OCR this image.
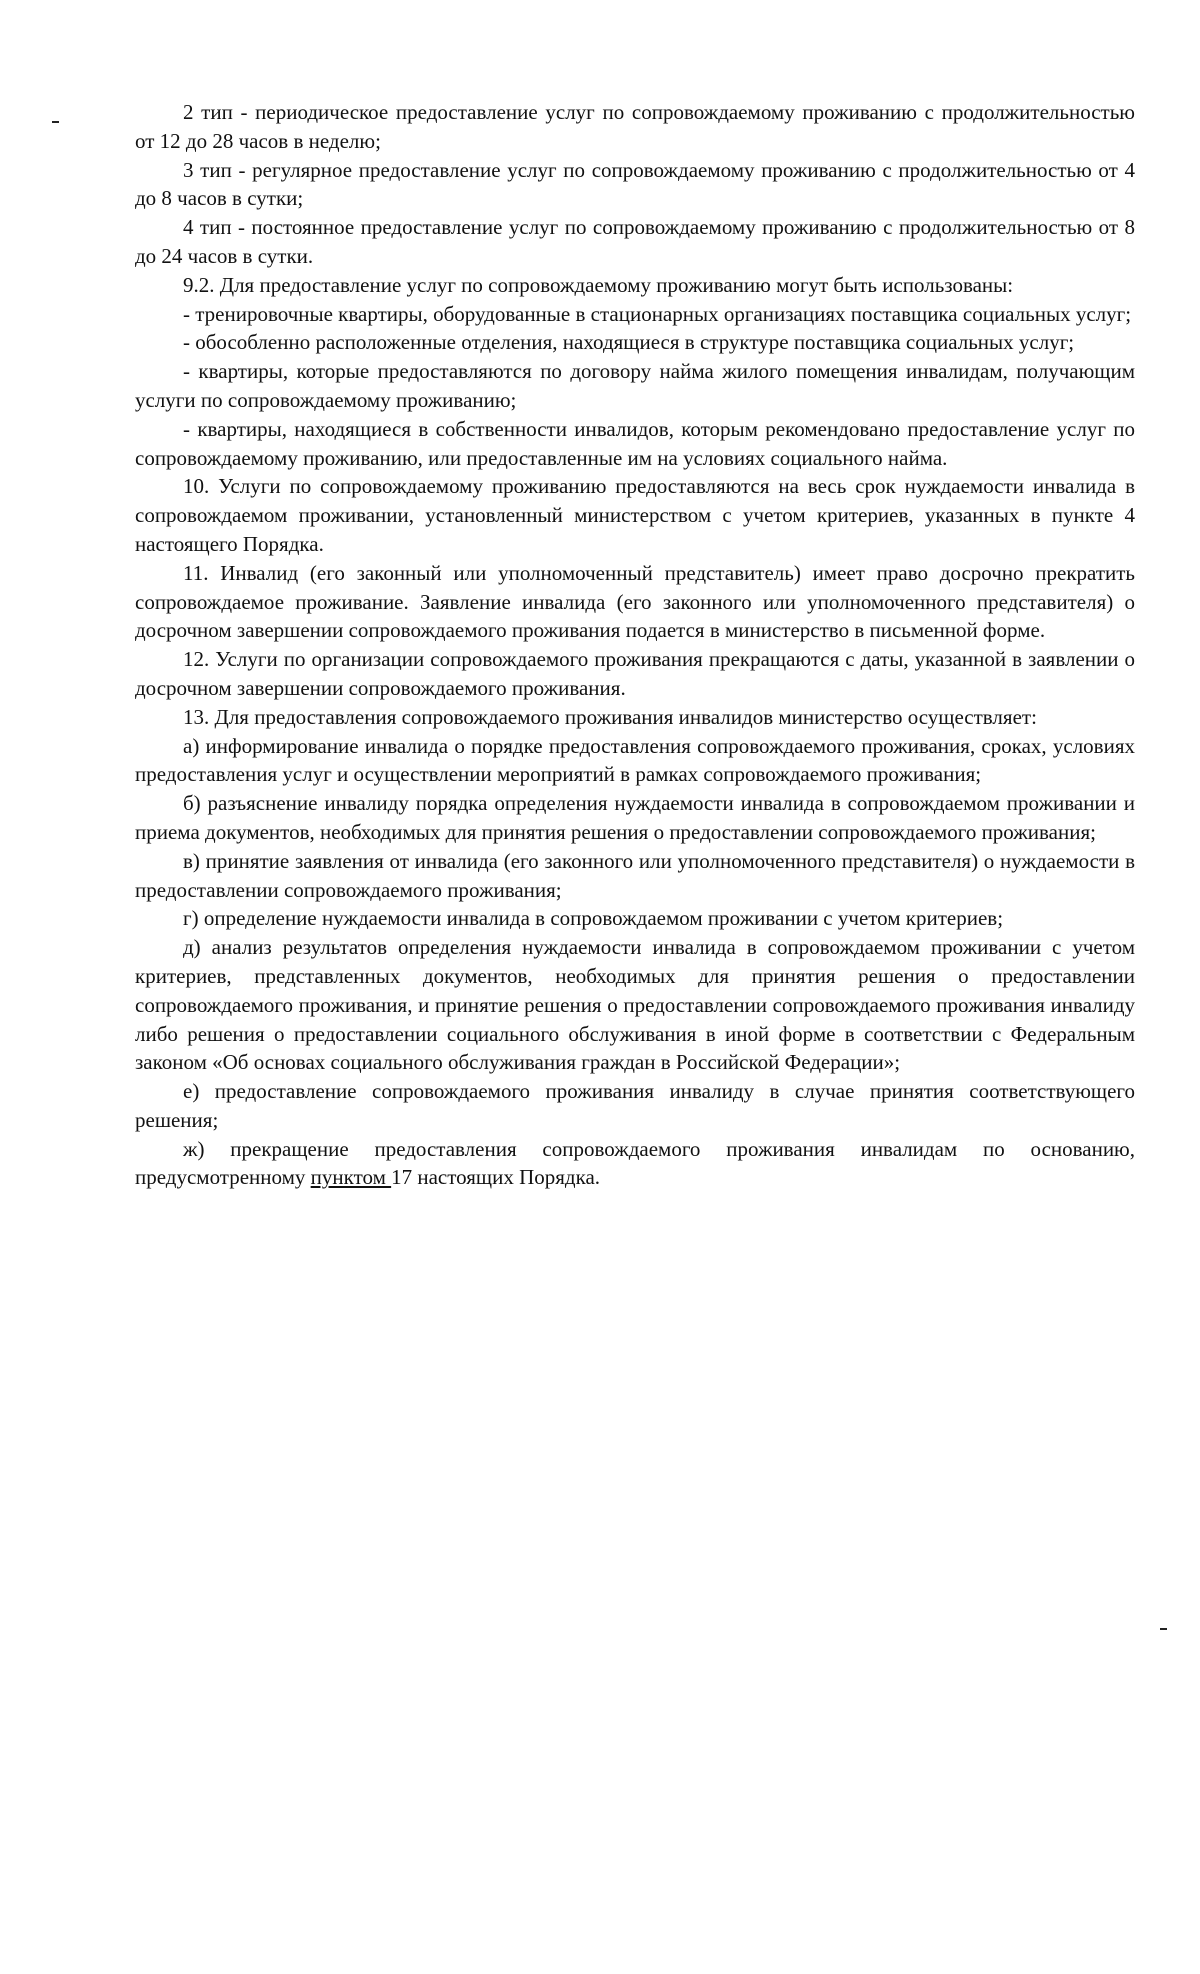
2 тип - периодическое предоставление услуг по сопровождаемому проживанию с продолжительностью от 12 до 28 часов в неделю;

3 тип - регулярное предоставление услуг по сопровождаемому проживанию с продолжительностью от 4 до 8 часов в сутки;

4 тип - постоянное предоставление услуг по сопровождаемому проживанию с продолжительностью от 8 до 24 часов в сутки.

9.2. Для предоставление услуг по сопровождаемому проживанию могут быть использованы:

- тренировочные квартиры, оборудованные в стационарных организациях поставщика социальных услуг;

- обособленно расположенные отделения, находящиеся в структуре поставщика социальных услуг;

- квартиры, которые предоставляются по договору найма жилого помещения инвалидам, получающим услуги по сопровождаемому проживанию;

- квартиры, находящиеся в собственности инвалидов, которым рекомендовано предоставление услуг по сопровождаемому проживанию, или предоставленные им на условиях социального найма.

10. Услуги по сопровождаемому проживанию предоставляются на весь срок нуждаемости инвалида в сопровождаемом проживании, установленный министерством с учетом критериев, указанных в пункте 4 настоящего Порядка.

11. Инвалид (его законный или уполномоченный представитель) имеет право досрочно прекратить сопровождаемое проживание. Заявление инвалида (его законного или уполномоченного представителя) о досрочном завершении сопровождаемого проживания подается в министерство в письменной форме.

12. Услуги по организации сопровождаемого проживания прекращаются с даты, указанной в заявлении о досрочном завершении сопровождаемого проживания.

13. Для предоставления сопровождаемого проживания инвалидов министерство осуществляет:

а) информирование инвалида о порядке предоставления сопровождаемого проживания, сроках, условиях предоставления услуг и осуществлении мероприятий в рамках сопровождаемого проживания;

б) разъяснение инвалиду порядка определения нуждаемости инвалида в сопровождаемом проживании и приема документов, необходимых для принятия решения о предоставлении сопровождаемого проживания;

в) принятие заявления от инвалида (его законного или уполномоченного представителя) о нуждаемости в предоставлении сопровождаемого проживания;

г) определение нуждаемости инвалида в сопровождаемом проживании с учетом критериев;

д) анализ результатов определения нуждаемости инвалида в сопровождаемом проживании с учетом критериев, представленных документов, необходимых для принятия решения о предоставлении сопровождаемого проживания, и принятие решения о предоставлении сопровождаемого проживания инвалиду либо решения о предоставлении социального обслуживания в иной форме в соответствии с Федеральным законом «Об основах социального обслуживания граждан в Российской Федерации»;

е) предоставление сопровождаемого проживания инвалиду в случае принятия соответствующего решения;

ж) прекращение предоставления сопровождаемого проживания инвалидам по основанию, предусмотренному пунктом 17 настоящих Порядка.
